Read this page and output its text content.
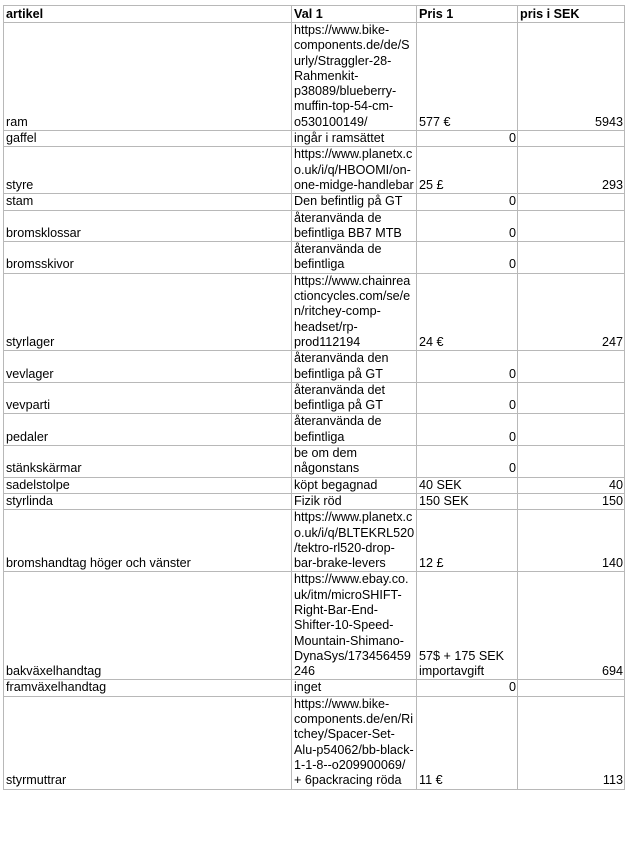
artikel	Val 1	Pris 1	pris i SEK
ram	https://www.bike-components.de/de/Surly/Straggler-28-Rahmenkit-p38089/blueberry-muffin-top-54-cm-o530100149/	577 €	5943
gaffel	ingår i ramsättet	0	
styre	https://www.planetx.co.uk/i/q/HBOOMI/on-one-midge-handlebar	25 £	293
stam	Den befintlig på GT	0	
bromsklossar	återanvända de befintliga BB7 MTB	0	
bromsskivor	återanvända de befintliga	0	
styrlager	https://www.chainreactioncycles.com/se/en/ritchey-comp-headset/rp-prod112194	24 €	247
vevlager	återanvända den befintliga på GT	0	
vevparti	återanvända det befintliga på GT	0	
pedaler	återanvända de befintliga	0	
stänkskärmar	be om dem någonstans	0	
sadelstolpe	köpt begagnad	40 SEK	40
styrlinda	Fizik röd	150 SEK	150
bromshandtag höger och vänster	https://www.planetx.co.uk/i/q/BLTEKRL520/tektro-rl520-drop-bar-brake-levers	12 £	140
bakväxelhandtag	https://www.ebay.co.uk/itm/microSHIFT-Right-Bar-End-Shifter-10-Speed-Mountain-Shimano-DynaSys/173456459246	57$ + 175 SEK importavgift	694
framväxelhandtag	inget	0	
styrmuttrar	https://www.bike-components.de/en/Ritchey/Spacer-Set-Alu-p54062/bb-black-1-1-8--o209900069/ + 6packracing röda	11 €	113
